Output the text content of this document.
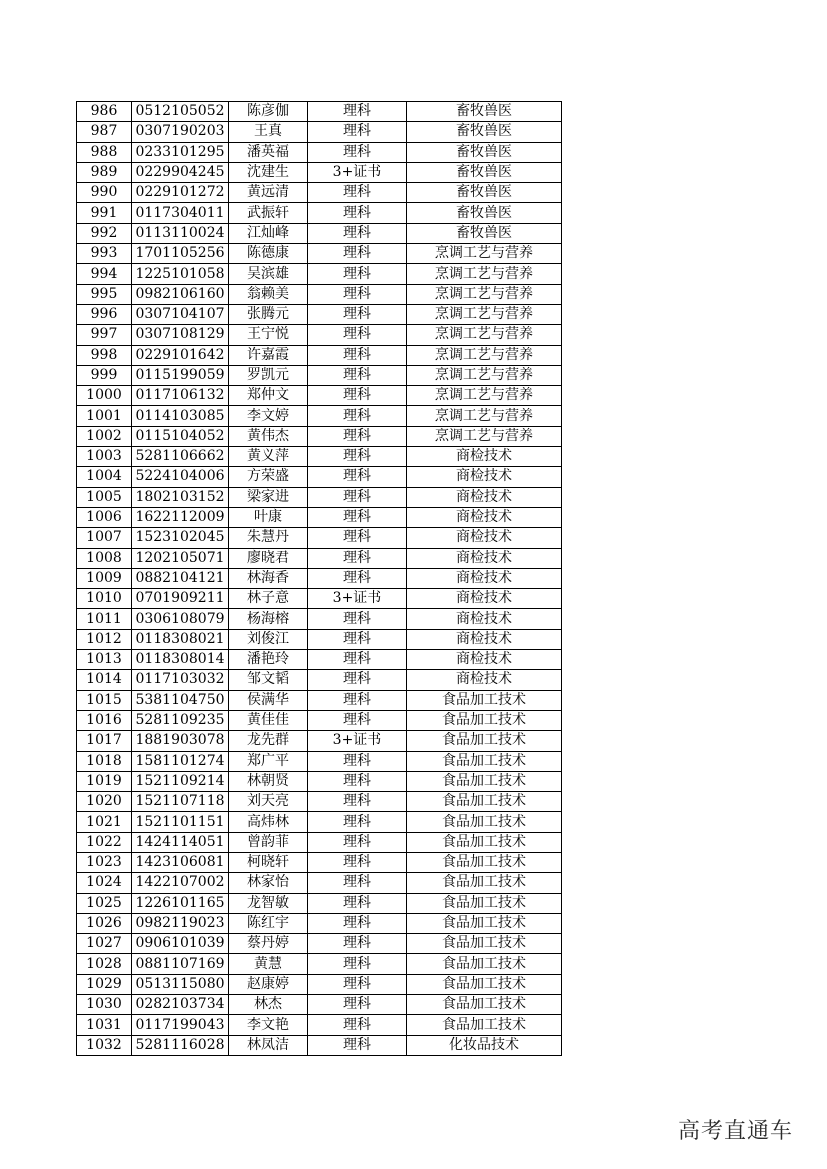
986	0512105052	陈彦伽	理科	畜牧兽医
987	0307190203	王真	理科	畜牧兽医
988	0233101295	潘英福	理科	畜牧兽医
989	0229904245	沈建生	3+证书	畜牧兽医
990	0229101272	黄远清	理科	畜牧兽医
991	0117304011	武振轩	理科	畜牧兽医
992	0113110024	江灿峰	理科	畜牧兽医
993	1701105256	陈德康	理科	烹调工艺与营养
994	1225101058	吴滨雄	理科	烹调工艺与营养
995	0982106160	翁赖美	理科	烹调工艺与营养
996	0307104107	张腾元	理科	烹调工艺与营养
997	0307108129	王宁悦	理科	烹调工艺与营养
998	0229101642	许嘉霞	理科	烹调工艺与营养
999	0115199059	罗凯元	理科	烹调工艺与营养
1000	0117106132	郑仲文	理科	烹调工艺与营养
1001	0114103085	李文婷	理科	烹调工艺与营养
1002	0115104052	黄伟杰	理科	烹调工艺与营养
1003	5281106662	黄义萍	理科	商检技术
1004	5224104006	方荣盛	理科	商检技术
1005	1802103152	梁家进	理科	商检技术
1006	1622112009	叶康	理科	商检技术
1007	1523102045	朱慧丹	理科	商检技术
1008	1202105071	廖晓君	理科	商检技术
1009	0882104121	林海香	理科	商检技术
1010	0701909211	林子意	3+证书	商检技术
1011	0306108079	杨海榕	理科	商检技术
1012	0118308021	刘俊江	理科	商检技术
1013	0118308014	潘艳玲	理科	商检技术
1014	0117103032	邹文韬	理科	商检技术
1015	5381104750	侯满华	理科	食品加工技术
1016	5281109235	黄佳佳	理科	食品加工技术
1017	1881903078	龙先群	3+证书	食品加工技术
1018	1581101274	郑广平	理科	食品加工技术
1019	1521109214	林朝贤	理科	食品加工技术
1020	1521107118	刘天亮	理科	食品加工技术
1021	1521101151	高炜林	理科	食品加工技术
1022	1424114051	曾韵菲	理科	食品加工技术
1023	1423106081	柯晓轩	理科	食品加工技术
1024	1422107002	林家怡	理科	食品加工技术
1025	1226101165	龙智敏	理科	食品加工技术
1026	0982119023	陈红宇	理科	食品加工技术
1027	0906101039	蔡丹婷	理科	食品加工技术
1028	0881107169	黄慧	理科	食品加工技术
1029	0513115080	赵康婷	理科	食品加工技术
1030	0282103734	林杰	理科	食品加工技术
1031	0117199043	李文艳	理科	食品加工技术
1032	5281116028	林凤洁	理科	化妆品技术
高考直通车
